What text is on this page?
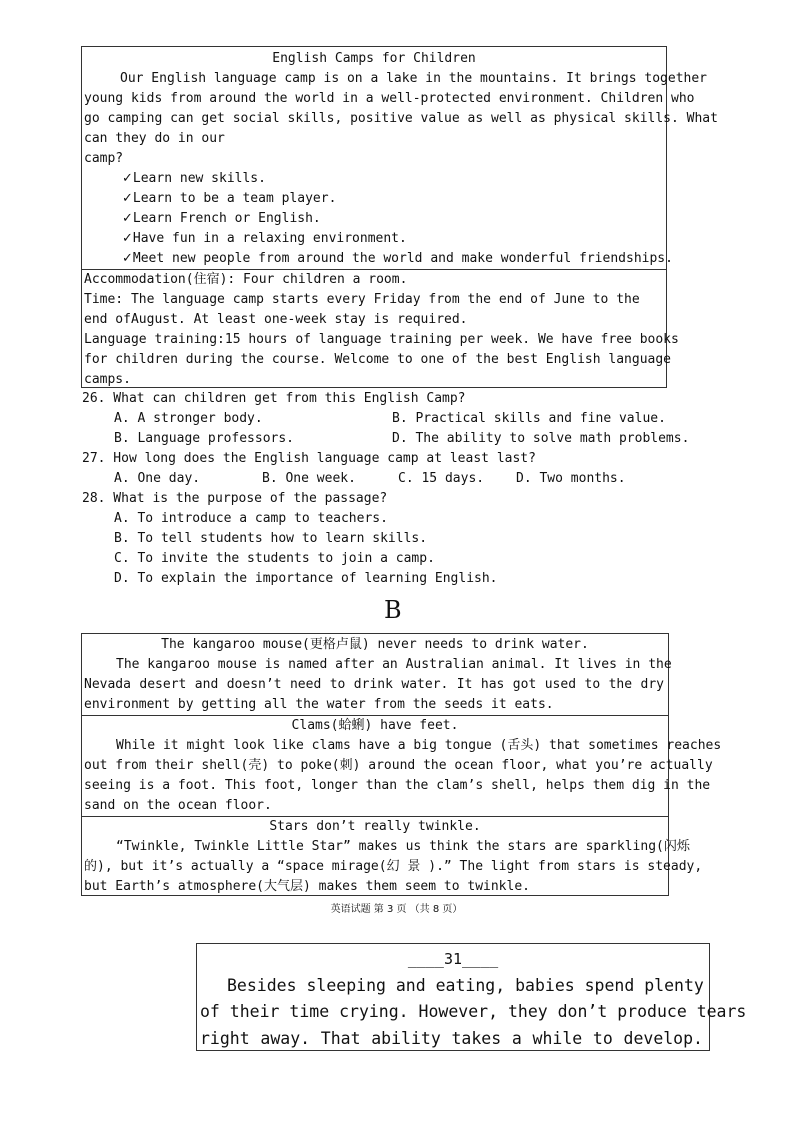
English Camps for Children
Our English language camp is on a lake in the mountains. It brings together
young kids from around the world in a well-protected environment. Children who
go camping can get social skills, positive value as well as physical skills. What
can they do in our
camp?
✓Learn new skills.
✓Learn to be a team player.
✓Learn French or English.
✓Have fun in a relaxing environment.
✓Meet new people from around the world and make wonderful friendships.
Accommodation(住宿): Four children a room.
Time: The language camp starts every Friday from the end of June to the
end ofAugust. At least one-week stay is required.
Language training:15 hours of language training per week. We have free books
for children during the course. Welcome to one of the best English language
camps.
26. What can children get from this English Camp?
A. A stronger body.	B. Practical skills and fine value.
B. Language professors.	D. The ability to solve math problems.
27. How long does the English language camp at least last?
A. One day.	B. One week.	C. 15 days. D. Two months.
28. What is the purpose of the passage?
A. To introduce a camp to teachers.
B. To tell students how to learn skills.
C. To invite the students to join a camp.
D. To explain the importance of learning English.
B
The kangaroo mouse(更格卢鼠) never needs to drink water.
The kangaroo mouse is named after an Australian animal. It lives in the
Nevada desert and doesn’t need to drink water. It has got used to the dry
environment by getting all the water from the seeds it eats.
Clams(蛤蜊) have feet.
While it might look like clams have a big tongue (舌头) that sometimes reaches
out from their shell(壳) to poke(刺) around the ocean floor, what you’re actually
seeing is a foot. This foot, longer than the clam’s shell, helps them dig in the
sand on the ocean floor.
Stars don’t really twinkle.
“Twinkle, Twinkle Little Star” makes us think the stars are sparkling(闪烁
的), but it’s actually a “space mirage(幻 景 ).” The light from stars is steady,
but Earth’s atmosphere(大气层) makes them seem to twinkle.
英语试题 第 3 页 （共 8 页）
____31____
Besides sleeping and eating, babies spend plenty
of their time crying. However, they don’t produce tears
right away. That ability takes a while to develop.
